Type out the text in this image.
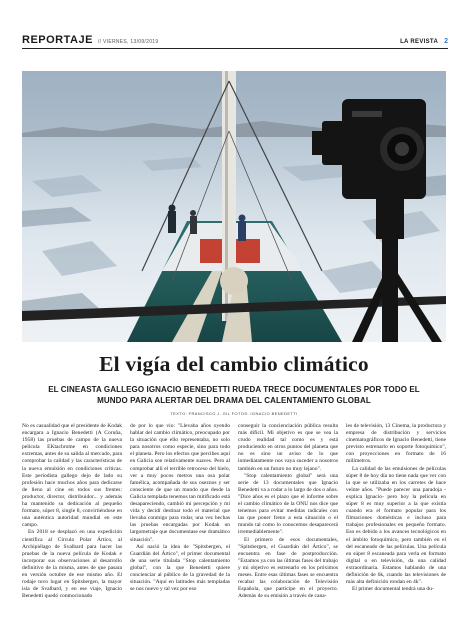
REPORTAJE // VIERNES, 13/09/2019	LA REVISTA 2
El vigía del cambio climático
EL CINEASTA GALLEGO IGNACIO BENEDETTI RUEDA TRECE DOCUMENTALES POR TODO EL MUNDO PARA ALERTAR DEL DRAMA DEL CALENTAMIENTO GLOBAL
TEXTO: FRANCISCO J. GIL FOTOS: IGNACIO BENEDETTI

No es casualidad que el presidente de Kodak encargara a Ignacio Benedetti (A Coruña, 1958) las pruebas de campo de la nueva película EKtachrome en condiciones extremas, antes de su salida al mercado, para comprobar la calidad y las características de la nueva emulsión en condiciones críticas. Este periodista gallego dejo de lado su profesión hace muchos años para dedicarse de lleno al cine en todos sus frentes: productor, director, distribuidor... y además ha mantenido su dedicación al pequeño formato, súper 8, single 8, convirtiéndose en una auténtica autoridad mundial en este campo.

En 2018 se desplazó en una expedición científica al Círculo Polar Ártico, al Archipiélago de Svalbard para hacer las pruebas de la nueva película de Kodak e incorporar sus observaciones al desarrollo definitivo de la misma, antes de que pasara en versión octubre de ese mismo año. El rodaje tuvo lugar en Spitsbergen, la mayor isla de Svalbard, y en ese viaje, Ignacio Benedetti quedó conmocionado

do por lo que vio: "Llevaba años oyendo hablar del cambio climático, preocupado por la situación que ello representaba, no solo para nosotros como especie, sino para todo el planeta. Pero los efectos que percibes aquí en Galicia son relativamente suaves. Pero al comprobar allí el terrible retroceso del hielo, ver a muy pocos metros una osa polar famélica, acompañada de sus oseznos y ser consciente de que un mundo que desde la Galicia templada tenemos tan mitificado está desapareciendo, cambió mi percepción y mi vida y decidí destinar todo el material que llevaba conmigo para rodar, una vez hechas las pruebas encargadas por Kodak un largometraje que documentase ese dramático situación".

Así nació la idea de "Spitsbergen, el Guardián del Ártico", el primer documental de una serie titulada "Stop calentamiento global", con la que Benedetti quiere concienciar al público de la gravedad de la situación. "Aquí en latitudes más templadas se nos nuevo y tal vez por eso

conseguir la concienciación pública resulta más difícil. Mi objetivo es que se vea la crudo realidad tal como es y está produciendo en otros puntos del planeta que no es sino un aviso de lo que inmediatamente nos vaya suceder a nosotros también en un futuro no muy lejano".

"Stop calentamiento global" será una serie de 13 documentales que Ignacio Benedetti va a rodar a lo largo de dos o años. "Dice años es el plazo que el informe sobre el cambio climático de la ONU nos dice que tenemos para evitar medidas radicales con las que poner freno a esta situación o el mundo tal como lo conocemos desaparecerá irremediablemente".

El primero de esos documentales, "Spitsbergen, el Guardián del Ártico", se encuentra en fase de postproducción. "Estamos ya con las últimas fases del trabajo y mi objetivo es estrenarlo en los próximos meses. Entre esas últimas fases se encuentra recabar las colaboración de Televisión Española, que participe en el proyecto. Además de su emisión a través de cana-

les de televisión, 13 Cinema, la productora y empresa de distribución y servicios cinematográficos de Ignacio Benedetti, tiene previsto estrenarlo en soporte fotoquímico", con proyecciones en formato de 16 milímetros.

La calidad de las emulsiones de películas súper 8 de hoy día no tiene nada que ver con la que se utilizaba en los carretes de hace veinte años. "Puede parecer una paradoja -explica Ignacio- pero hoy la película en súper 8 es muy superior a la que existía cuando era el formato popular para los filmaciones domésticas e incluso para trabajos profesionales en pequeño formato. Eso es debido a los avances tecnológicos en el ámbito fotoquímico, pero también en el del escaneado de las películas. Una película en súper 8 escaneada para verla en formato digital o en televisión, da una calidad extraordinaria. Estamos hablando de una definición de 6k, cuando las televisiones de más alta definición rondan en 4k".

El primer documental tendrá una du-
